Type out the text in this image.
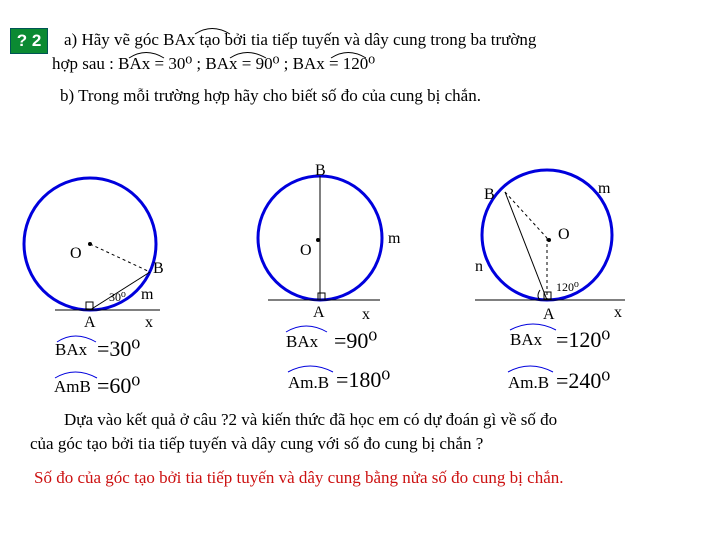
? 2	a) Hãy vẽ góc BAx tạo bởi tia tiếp tuyến và dây cung trong ba trường
hợp sau : BAx = 30⁰ ; BAx = 90⁰ ; BAx = 120⁰
b) Trong mỗi trường hợp hãy cho biết số đo của cung bị chắn.
O
B
30⁰ m
A	x
B
O
m
A x
B	m
O
n
120⁰
A	x
BAx =30⁰
AmB =60⁰
BAx =90⁰
Am.B =180⁰
BAx =120⁰
Am.B =240⁰
Dựa vào kết quả ở câu ?2 và kiến thức đã học em có dự đoán gì về số đo
của góc tạo bởi tia tiếp tuyến và dây cung với số đo cung bị chắn ?
Số đo của góc tạo bởi tia tiếp tuyến và dây cung bằng nửa số đo cung bị chắn.
